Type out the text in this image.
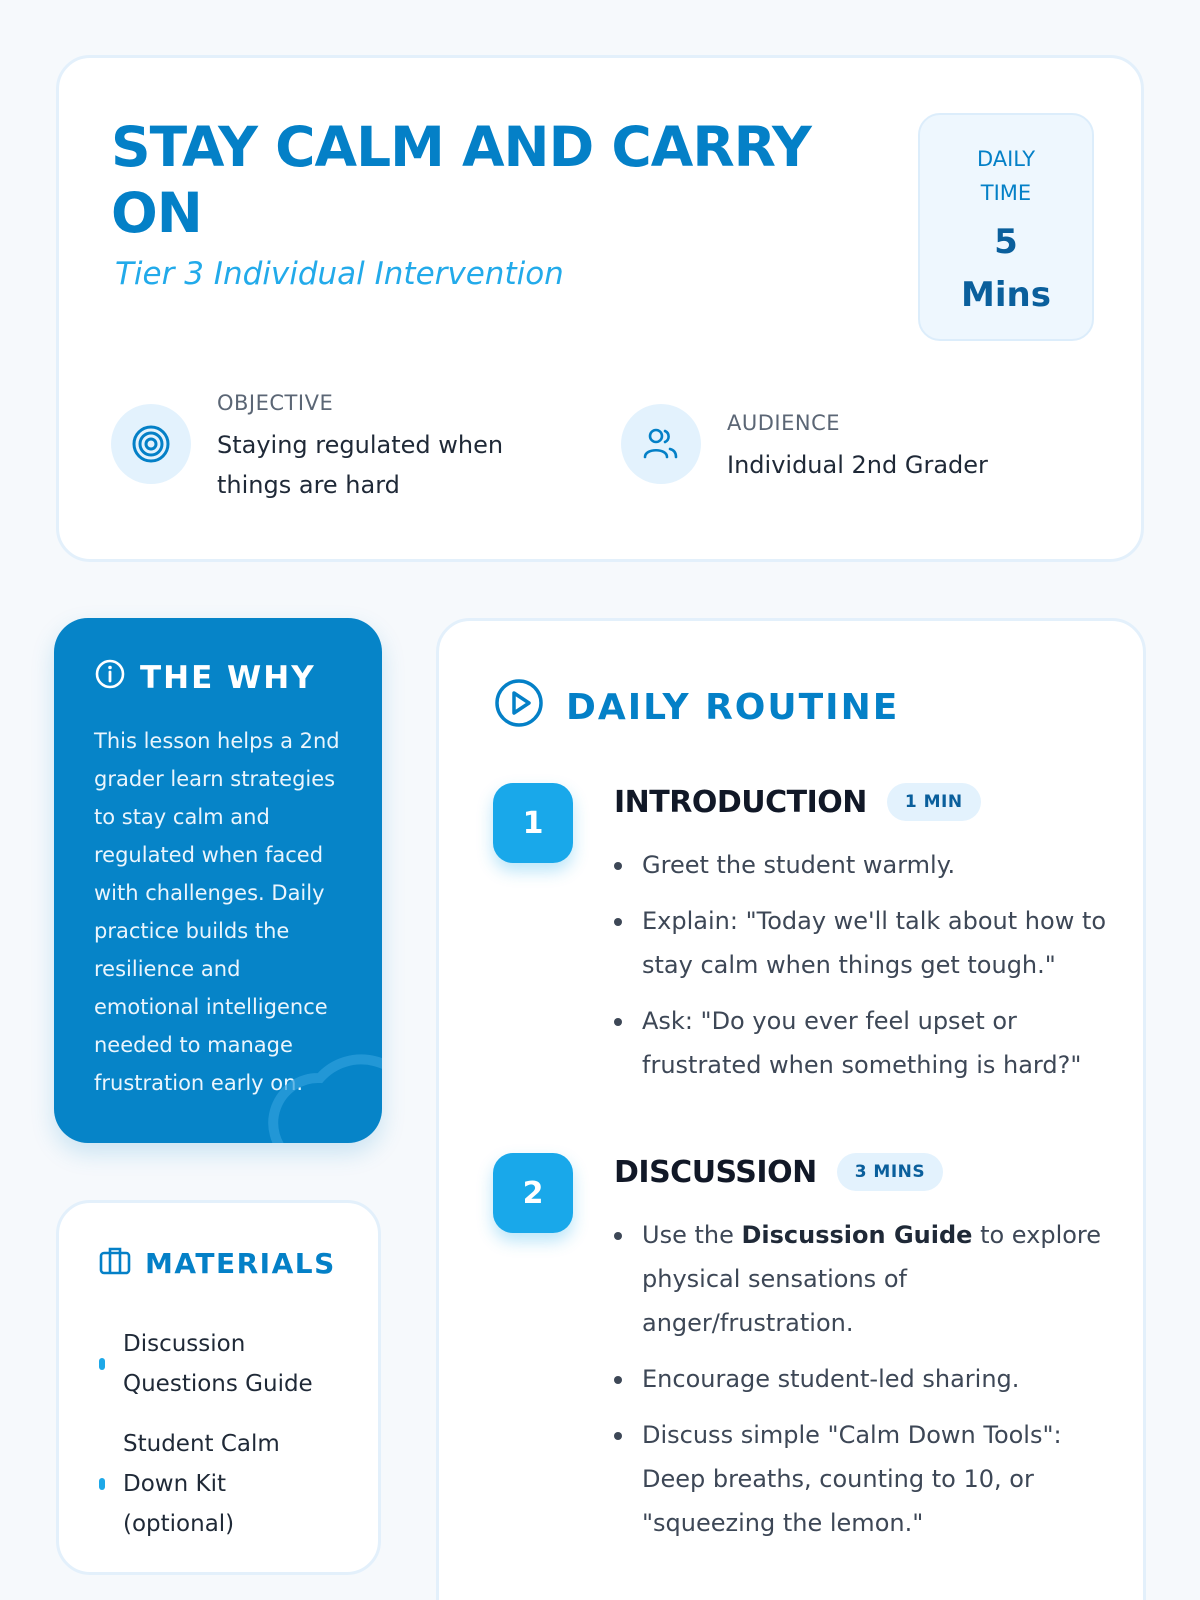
STAY CALM AND CARRY ON
Tier 3 Individual Intervention
DAILY
TIME
5
Mins
OBJECTIVE
Staying regulated when things are hard
AUDIENCE
Individual 2nd Grader
THE WHY

This lesson helps a 2nd grader learn strategies to stay calm and regulated when faced with challenges. Daily practice builds the resilience and emotional intelligence needed to manage frustration early on.

MATERIALS
Discussion Questions Guide
Student Calm Down Kit (optional)
DAILY ROUTINE
1
INTRODUCTION	1 MIN
Greet the student warmly.
Explain: "Today we'll talk about how to stay calm when things get tough."
Ask: "Do you ever feel upset or frustrated when something is hard?"
2
DISCUSSION	3 MINS
Use the Discussion Guide to explore physical sensations of anger/frustration.
Encourage student-led sharing.
Discuss simple "Calm Down Tools": Deep breaths, counting to 10, or "squeezing the lemon."
